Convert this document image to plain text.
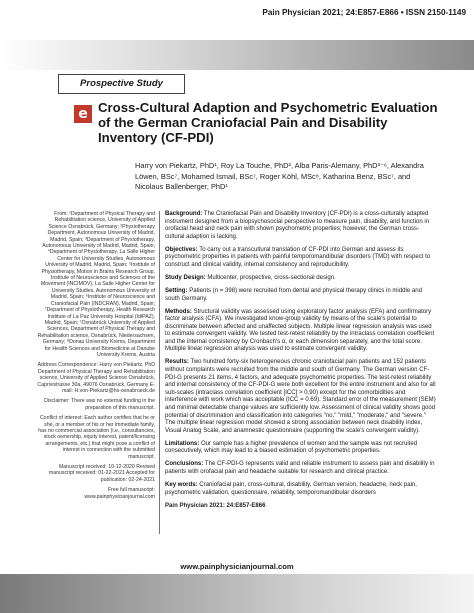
Pain Physician 2021; 24:E857-E866 • ISSN 2150-1149
Prospective Study
e Cross-Cultural Adaption and Psychometric Evaluation of the German Craniofacial Pain and Disability Inventory (CF-PDI)
Harry von Piekartz, PhD¹, Roy La Touche, PhD², Alba Paris-Alemany, PhD³⁻⁶, Alexandra Löwen, BSc⁷, Mohamed Ismail, BSc⁷, Roger Köhl, MSc⁸, Katharina Benz, BSc⁷, and Nicolaus Ballenberger, PhD¹

From: ¹Department of Physical Therapy and Rehabilitation science, University of Applied Science Osnabrück, Germany; ²Physiotherapy Department, Autonomous University of Madrid, Madrid, Spain; ³Department of Physiotherapy, Autonomous University of Madrid, Madrid, Spain; ⁴Department of Physiotherapy, La Salle Higher Center for University Studies, Autonomous University of Madrid, Madrid, Spain; ⁵Institute of Physiotherapy, Motion in Brains Research Group, Institute of Neuroscience and Sciences of the Movement (INCIMOV), La Salle Higher Center for University Studies, Autonomous University of Madrid, Spain; ⁶Institute of Neuroscience and Craniofacial Pain (INDCRAN), Madrid, Spain; ⁷Department of Physiotherapy, Health Research Institute of La Paz University Hospital (IdiPAZ), Madrid, Spain; ⁷Osnabrück University of Applied Sciences, Department of Physical Therapy and Rehabilitation science, Osnabrück, Niedersachsen, Germany; ⁸Donau University Krems, Department for Health Sciences and Biomedicine at Danube University Krems, Austria

Address Correspondence: Harry von Piekartz, PhD Department of Physical Therapy and Rehabilitation science, University of Applied Science Osnabrück, Caprivistrasse 30a, 49076 Osnabrück, Germany E-mail: H.von-Piekartz@hs-osnabrueck.de

Disclaimer: There was no external funding in the preparation of this manuscript.

Conflict of interest: Each author certifies that he or she, or a member of his or her immediate family, has no commercial association (i.e., consultancies, stock ownership, equity interest, patent/licensing arrangements, etc.) that might pose a conflict of interest in connection with the submitted manuscript.

Manuscript received: 10-12-2020 Revised manuscript received: 01-22-2021 Accepted for publication: 02-24-2021

Free full manuscript: www.painphysicianjournal.com

Background: The Craniofacial Pain and Disability Inventory (CF-PDI) is a cross-culturally adapted instrument designed from a biopsychosocial perspective to measure pain, disability, and function in orofacial head and neck pain with shown psychometric properties; however, the German cross-cultural adaption is lacking.

Objectives: To carry out a transcultural translation of CF-PDI into German and assess its psychometric properties in patients with painful temporomandibular disorders (TMD) with respect to construct and clinical validity, internal consistency and reproducibility.

Study Design: Multicenter, prospective, cross-sectional design.

Setting: Patients (n = 398) were recruited from dental and physical therapy clinics in middle and south Germany.

Methods: Structural validity was assessed using exploratory factor analysis (EFA) and confirmatory factor analysis (CFA). We investigated know-group validity by means of the scale's potential to discriminate between affected and unaffected subjects. Multiple linear regression analysis was used to estimate convergent validity. We tested test-retest reliability by the intraclass correlation coefficient and the internal consistency by Cronbach's α, or each dimension separately, and the total score. Multiple linear regression analysis was used to estimate convergent validity.

Results: Two hundred forty-six heterogeneous chronic craniofacial pain patients and 152 patients without complaints were recruited from the middle and south of Germany. The German version CF-PDI-G presents 21 items, 4 factors, and adequate psychometric properties. The test-retest reliability and internal consistency of the CF-PDI-G were both excellent for the entire instrument and also for all sub-scales (intraclass correlation coefficient [ICC] > 0.90) except for the comorbidities and interference with work which was acceptable (ICC = 0.69). Standard error of the measurement (SEM) and minimal detectable change values are sufficiently low. Assessment of clinical validity shows good potential of discrimination and classification into categories "no," "mild," "moderate," and "severe." The multiple linear regression model showed a strong association between neck disability index, Visual Analog Scale, and anamnestic questionnaire (supporting the scale's convergent validity).

Limitations: Our sample has a higher prevalence of women and the sample was not recruited consecutively, which may lead to a biased estimation of psychometric properties.

Conclusions: The CF-PDI-G represents valid and reliable instrument to assess pain and disability in patients with orofacial pain and headache suitable for research and clinical practice.

Key words: Craniofacial pain, cross-cultural, disability, German version, headache, neck pain, psychometric validation, questionnaire, reliability, temporomandibular disorders

Pain Physician 2021: 24:E857-E866

www.painphysicianjournal.com
